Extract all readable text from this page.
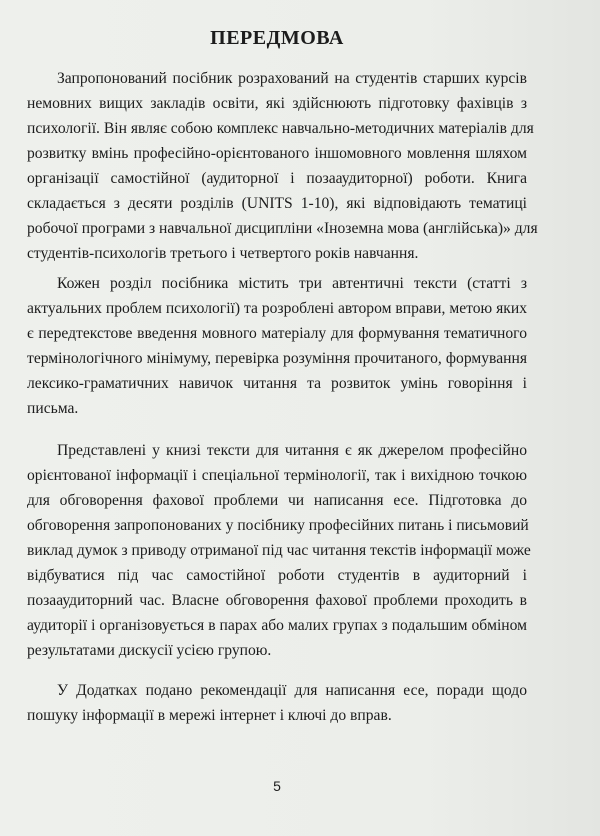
ПЕРЕДМОВА
Запропонований посібник розрахований на студентів старших курсів
немовних вищих закладів освіти, які здійснюють підготовку фахівців з
психології. Він являє собою комплекс навчально-методичних матеріалів для
розвитку вмінь професійно-орієнтованого іншомовного мовлення шляхом
організації самостійної (аудиторної і позааудиторної) роботи. Книга
складається з десяти розділів (UNITS 1-10), які відповідають тематиці
робочої програми з навчальної дисципліни «Іноземна мова (англійська)» для
студентів-психологів третього і четвертого років навчання.
Кожен розділ посібника містить три автентичні тексти (статті з
актуальних проблем психології) та розроблені автором вправи, метою яких
є передтекстове введення мовного матеріалу для формування тематичного
термінологічного мінімуму, перевірка розуміння прочитаного, формування
лексико-граматичних навичок читання та розвиток умінь говоріння і
письма.
Представлені у книзі тексти для читання є як джерелом професійно
орієнтованої інформації і спеціальної термінології, так і вихідною точкою
для обговорення фахової проблеми чи написання есе. Підготовка до
обговорення запропонованих у посібнику професійних питань і письмовий
виклад думок з приводу отриманої під час читання текстів інформації може
відбуватися під час самостійної роботи студентів в аудиторний і
позааудиторний час. Власне обговорення фахової проблеми проходить в
аудиторії і організовується в парах або малих групах з подальшим обміном
результатами дискусії усією групою.
У Додатках подано рекомендації для написання есе, поради щодо
пошуку інформації в мережі інтернет і ключі до вправ.
5
